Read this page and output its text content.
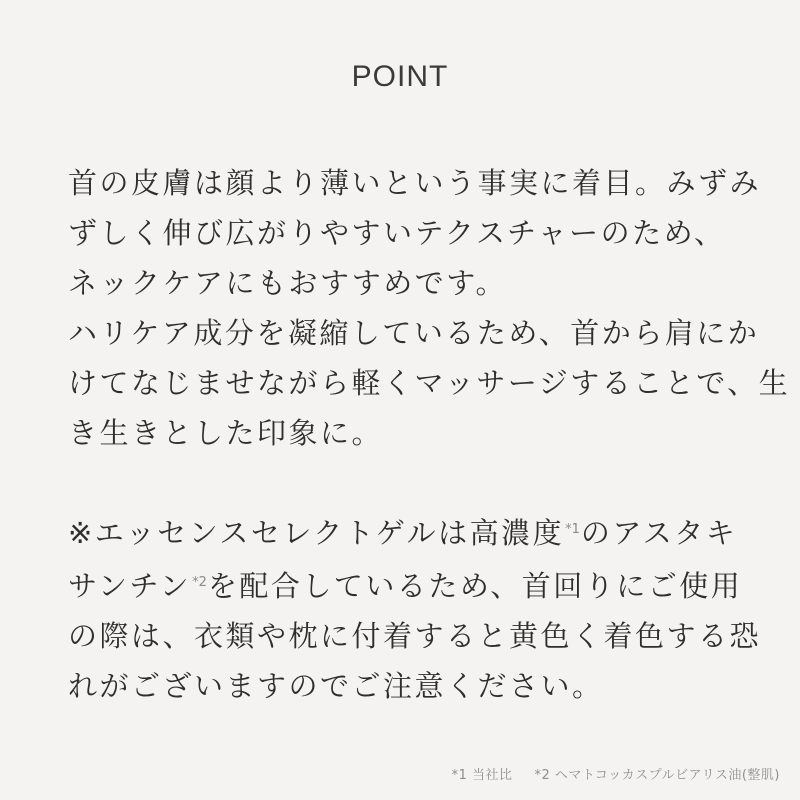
POINT
首の皮膚は顔より薄いという事実に着目。みずみ
ずしく伸び広がりやすいテクスチャーのため、
ネックケアにもおすすめです。
ハリケア成分を凝縮しているため、首から肩にか
けてなじませながら軽くマッサージすることで、生
き生きとした印象に。
※エッセンスセレクトゲルは高濃度$^{*1}$のアスタキ
サンチン$^{*2}$を配合しているため、首回りにご使用
の際は、衣類や枕に付着すると黄色く着色する恐
れがございますのでご注意ください。
*1 当社比 *2 ヘマトコッカスプルビアリス油(整肌)
